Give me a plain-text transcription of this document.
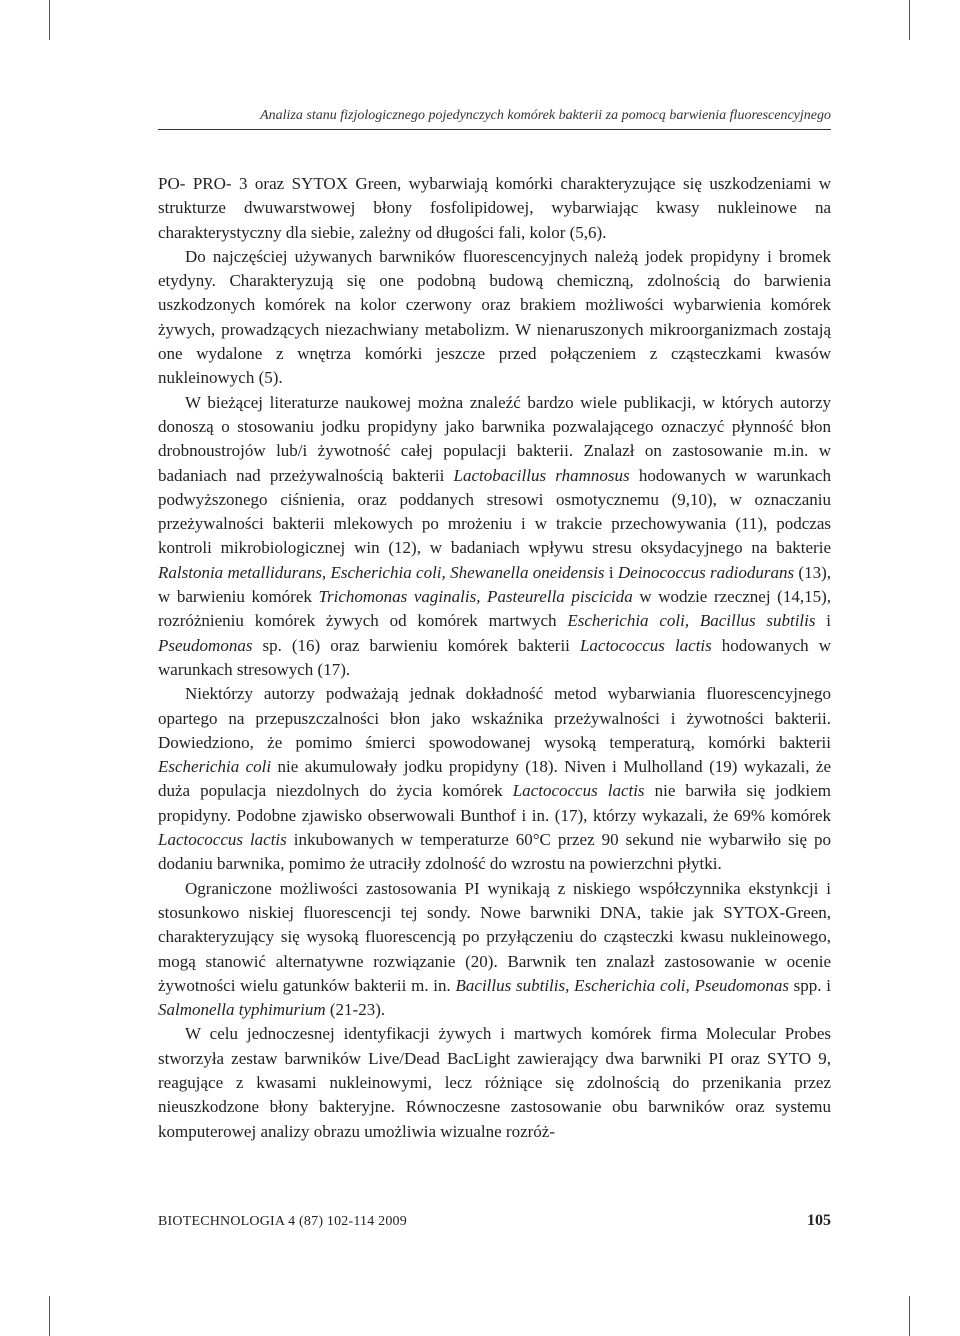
Analiza stanu fizjologicznego pojedynczych komórek bakterii za pomocą barwienia fluorescencyjnego

PO- PRO- 3 oraz SYTOX Green, wybarwiają komórki charakteryzujące się uszkodzeniami w strukturze dwuwarstwowej błony fosfolipidowej, wybarwiając kwasy nukleinowe na charakterystyczny dla siebie, zależny od długości fali, kolor (5,6).

Do najczęściej używanych barwników fluorescencyjnych należą jodek propidyny i bromek etydyny. Charakteryzują się one podobną budową chemiczną, zdolnością do barwienia uszkodzonych komórek na kolor czerwony oraz brakiem możliwości wybarwienia komórek żywych, prowadzących niezachwiany metabolizm. W nienaruszonych mikroorganizmach zostają one wydalone z wnętrza komórki jeszcze przed połączeniem z cząsteczkami kwasów nukleinowych (5).

W bieżącej literaturze naukowej można znaleźć bardzo wiele publikacji, w których autorzy donoszą o stosowaniu jodku propidyny jako barwnika pozwalającego oznaczyć płynność błon drobnoustrojów lub/i żywotność całej populacji bakterii. Znalazł on zastosowanie m.in. w badaniach nad przeżywalnością bakterii Lactobacillus rhamnosus hodowanych w warunkach podwyższonego ciśnienia, oraz poddanych stresowi osmotycznemu (9,10), w oznaczaniu przeżywalności bakterii mlekowych po mrożeniu i w trakcie przechowywania (11), podczas kontroli mikrobiologicznej win (12), w badaniach wpływu stresu oksydacyjnego na bakterie Ralstonia metallidurans, Escherichia coli, Shewanella oneidensis i Deinococcus radiodurans (13), w barwieniu komórek Trichomonas vaginalis, Pasteurella piscicida w wodzie rzecznej (14,15), rozróżnieniu komórek żywych od komórek martwych Escherichia coli, Bacillus subtilis i Pseudomonas sp. (16) oraz barwieniu komórek bakterii Lactococcus lactis hodowanych w warunkach stresowych (17).

Niektórzy autorzy podważają jednak dokładność metod wybarwiania fluorescencyjnego opartego na przepuszczalności błon jako wskaźnika przeżywalności i żywotności bakterii. Dowiedziono, że pomimo śmierci spowodowanej wysoką temperaturą, komórki bakterii Escherichia coli nie akumulowały jodku propidyny (18). Niven i Mulholland (19) wykazali, że duża populacja niezdolnych do życia komórek Lactococcus lactis nie barwiła się jodkiem propidyny. Podobne zjawisko obserwowali Bunthof i in. (17), którzy wykazali, że 69% komórek Lactococcus lactis inkubowanych w temperaturze 60°C przez 90 sekund nie wybarwiło się po dodaniu barwnika, pomimo że utraciły zdolność do wzrostu na powierzchni płytki.

Ograniczone możliwości zastosowania PI wynikają z niskiego współczynnika ekstynkcji i stosunkowo niskiej fluorescencji tej sondy. Nowe barwniki DNA, takie jak SYTOX-Green, charakteryzujący się wysoką fluorescencją po przyłączeniu do cząsteczki kwasu nukleinowego, mogą stanowić alternatywne rozwiązanie (20). Barwnik ten znalazł zastosowanie w ocenie żywotności wielu gatunków bakterii m. in. Bacillus subtilis, Escherichia coli, Pseudomonas spp. i Salmonella typhimurium (21-23).

W celu jednoczesnej identyfikacji żywych i martwych komórek firma Molecular Probes stworzyła zestaw barwników Live/Dead BacLight zawierający dwa barwniki PI oraz SYTO 9, reagujące z kwasami nukleinowymi, lecz różniące się zdolnością do przenikania przez nieuszkodzone błony bakteryjne. Równoczesne zastosowanie obu barwników oraz systemu komputerowej analizy obrazu umożliwia wizualne rozróż-

BIOTECHNOLOGIA 4 (87) 102-114 2009	105
